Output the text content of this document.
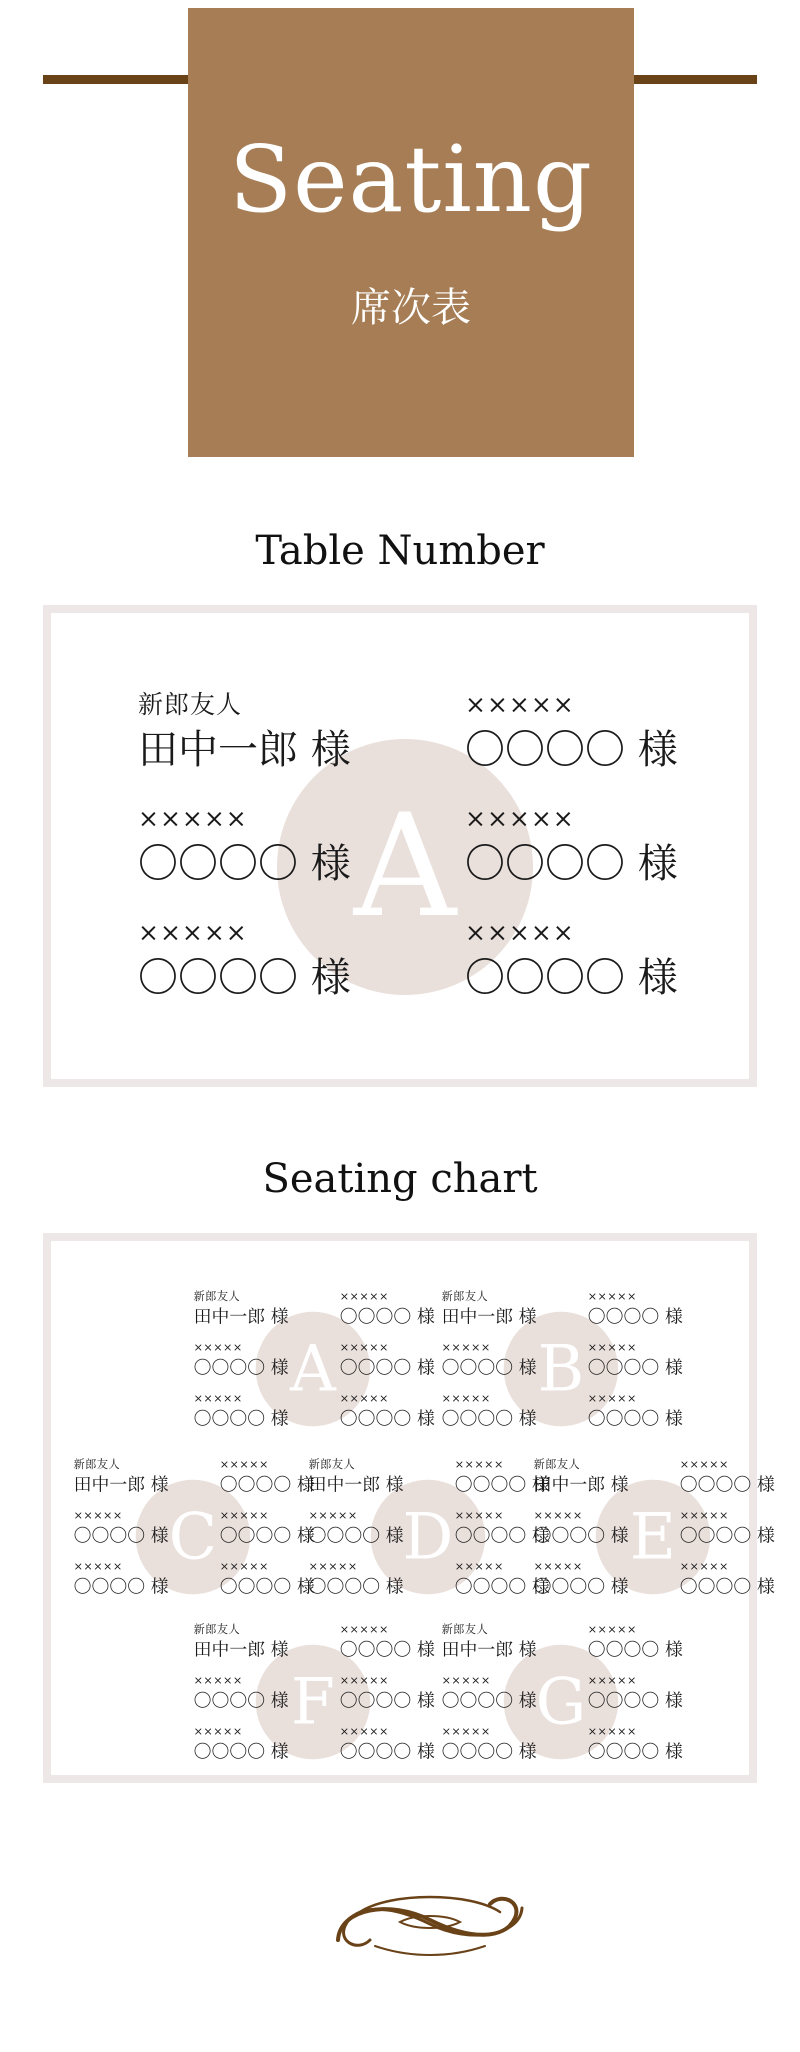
Seating
席次表
Table Number
A
新郎友人
田中一郎 様
×××××
〇〇〇〇 様
×××××
〇〇〇〇 様
×××××
〇〇〇〇 様
×××××
〇〇〇〇 様
×××××
〇〇〇〇 様
Seating chart
A
新郎友人
田中一郎 様
×××××
〇〇〇〇 様
×××××
〇〇〇〇 様
×××××
〇〇〇〇 様
×××××
〇〇〇〇 様
×××××
〇〇〇〇 様
B
新郎友人
田中一郎 様
×××××
〇〇〇〇 様
×××××
〇〇〇〇 様
×××××
〇〇〇〇 様
×××××
〇〇〇〇 様
×××××
〇〇〇〇 様
C
新郎友人
田中一郎 様
×××××
〇〇〇〇 様
×××××
〇〇〇〇 様
×××××
〇〇〇〇 様
×××××
〇〇〇〇 様
×××××
〇〇〇〇 様
D
新郎友人
田中一郎 様
×××××
〇〇〇〇 様
×××××
〇〇〇〇 様
×××××
〇〇〇〇 様
×××××
〇〇〇〇 様
×××××
〇〇〇〇 様
E
新郎友人
田中一郎 様
×××××
〇〇〇〇 様
×××××
〇〇〇〇 様
×××××
〇〇〇〇 様
×××××
〇〇〇〇 様
×××××
〇〇〇〇 様
F
新郎友人
田中一郎 様
×××××
〇〇〇〇 様
×××××
〇〇〇〇 様
×××××
〇〇〇〇 様
×××××
〇〇〇〇 様
×××××
〇〇〇〇 様
G
新郎友人
田中一郎 様
×××××
〇〇〇〇 様
×××××
〇〇〇〇 様
×××××
〇〇〇〇 様
×××××
〇〇〇〇 様
×××××
〇〇〇〇 様
